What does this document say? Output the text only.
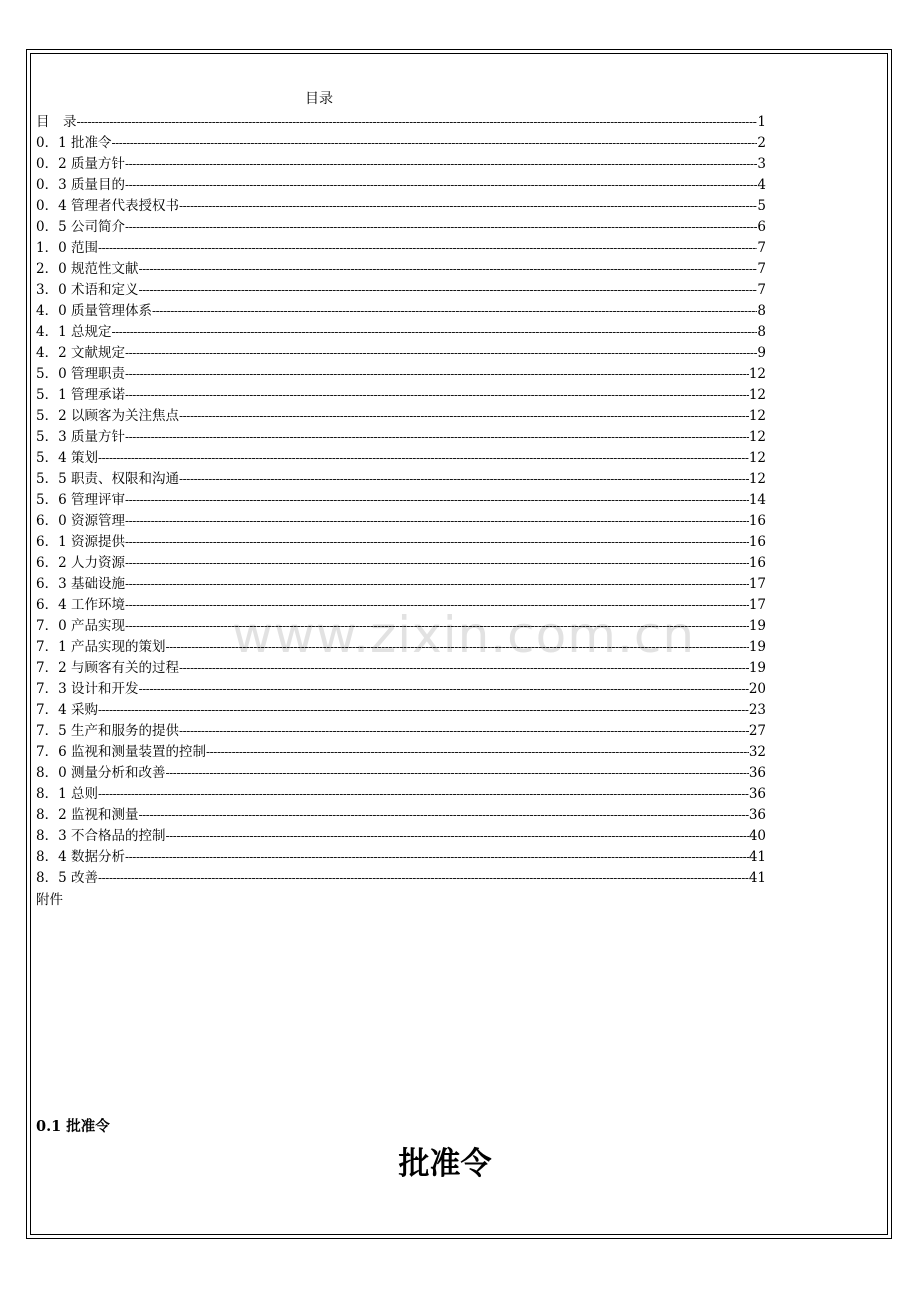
www.zixin.com.cn
目录
目　录 -----	1
0．1 批准令 -----	2
0．2 质量方针 -----	3
0．3 质量目的 -----	4
0．4 管理者代表授权书 -----	5
0．5 公司简介 -----	6
1．0 范围 -----	7
2．0 规范性文献 -----	7
3．0 术语和定义 -----	7
4．0 质量管理体系 -----	8
4．1 总规定 -----	8
4．2 文献规定 -----	9
5．0 管理职责 -----	12
5．1 管理承诺 -----	12
5．2 以顾客为关注焦点 -----	12
5．3 质量方针 -----	12
5．4 策划 -----	12
5．5 职责、权限和沟通 -----	12
5．6 管理评审 -----	14
6．0 资源管理 -----	16
6．1 资源提供 -----	16
6．2 人力资源 -----	16
6．3 基础设施 -----	17
6．4 工作环境 -----	17
7．0 产品实现 -----	19
7．1 产品实现的策划 -----	19
7．2 与顾客有关的过程 -----	19
7．3 设计和开发 -----	20
7．4 采购 -----	23
7．5 生产和服务的提供 -----	27
7．6 监视和测量装置的控制 -----	32
8．0 测量分析和改善 -----	36
8．1 总则 -----	36
8．2 监视和测量 -----	36
8．3 不合格品的控制 -----	40
8．4 数据分析 -----	41
8．5 改善 -----	41
附件
0.1 批准令
批准令
